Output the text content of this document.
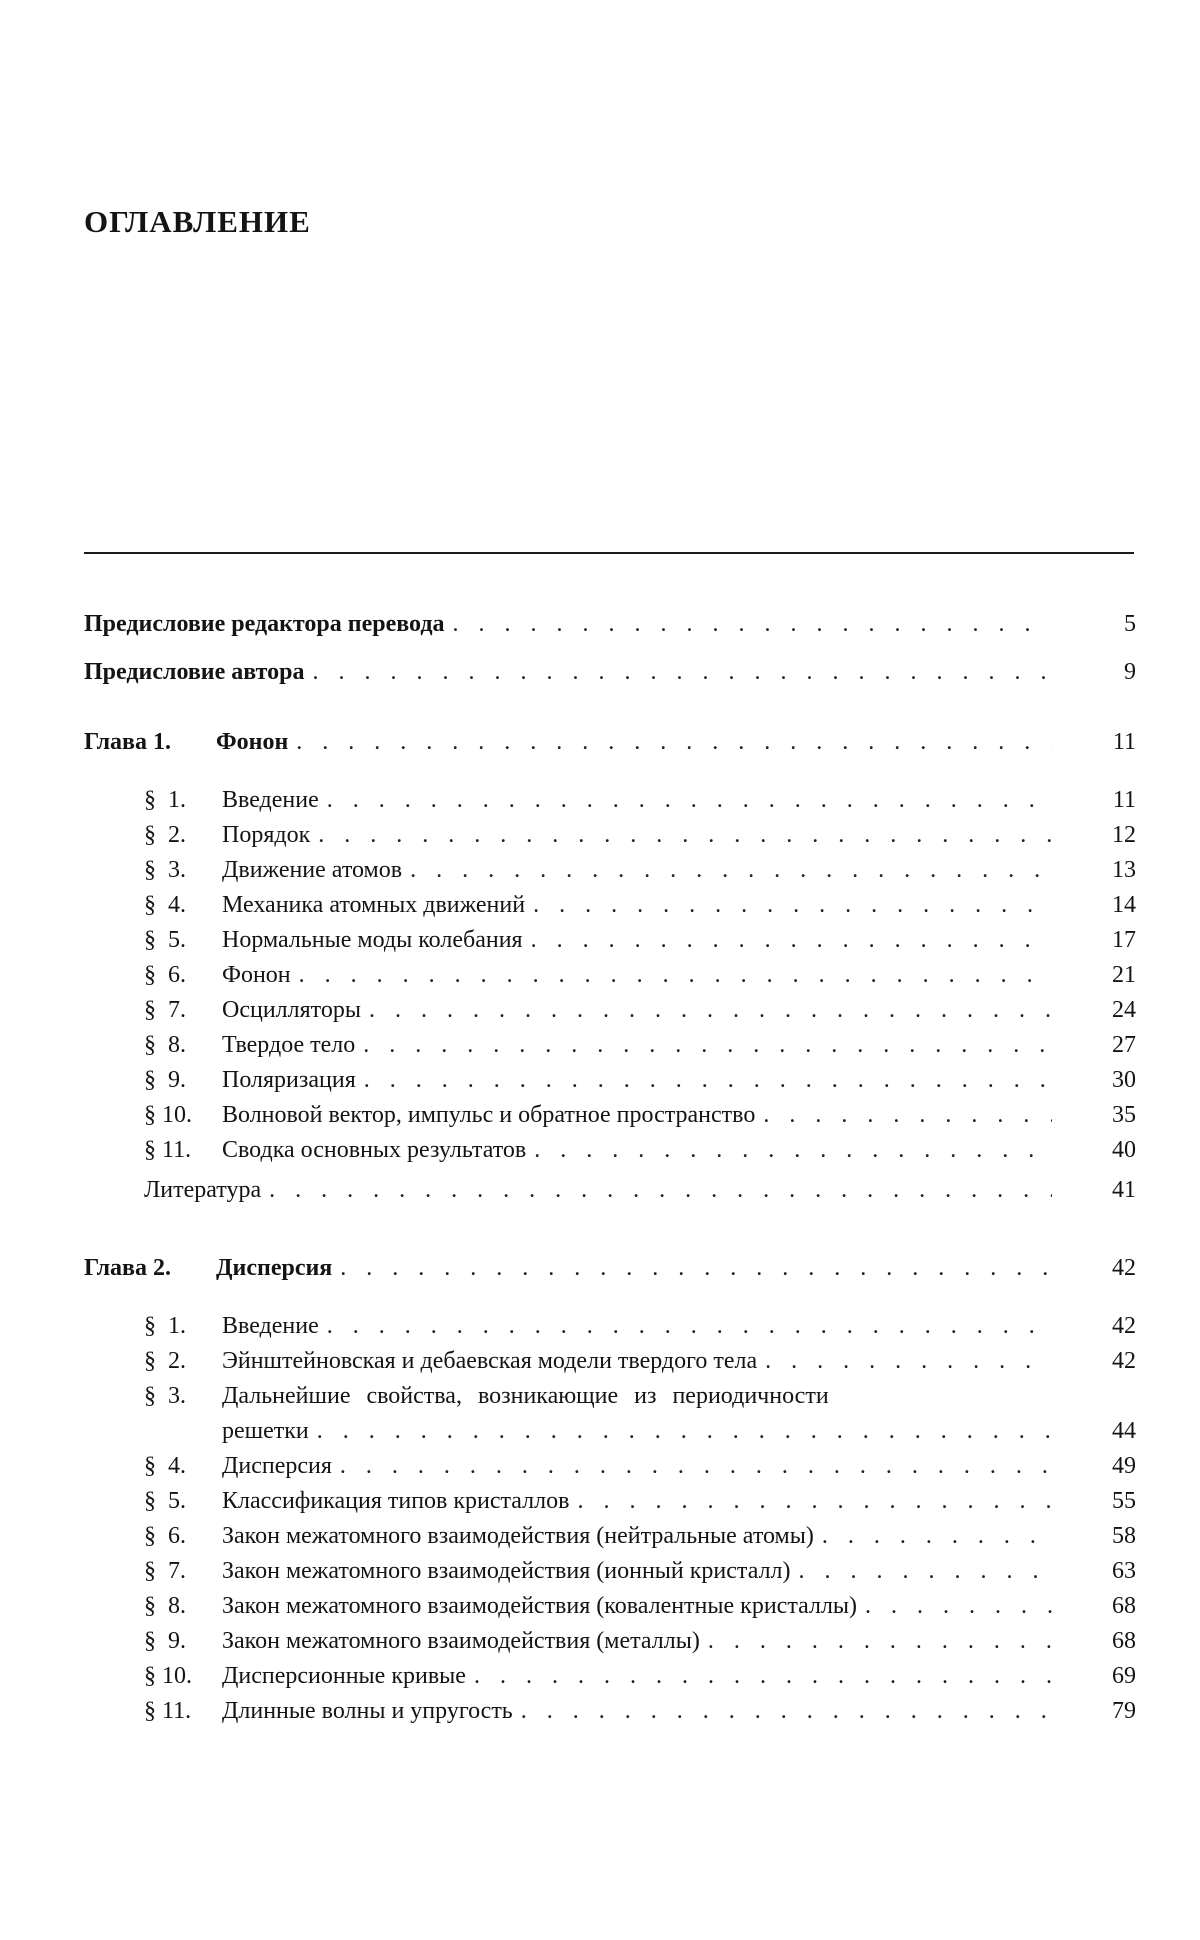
ОГЛАВЛЕНИЕ
Предисловие редактора перевода . . .	5
Предисловие автора . . .	9
Глава 1. Фонон . . .	11
§  1.	Введение . . .	11
§  2.	Порядок . . .	12
§  3.	Движение атомов . . .	13
§  4.	Механика атомных движений . . .	14
§  5.	Нормальные моды колебания . . .	17
§  6.	Фонон . . .	21
§  7.	Осцилляторы . . .	24
§  8.	Твердое тело . . .	27
§  9.	Поляризация . . .	30
§ 10.	Волновой вектор, импульс и обратное пространство . . .	35
§ 11.	Сводка основных результатов . . .	40
Литература . . .	41
Глава 2. Дисперсия . . .	42
§  1.	Введение . . .	42
§  2.	Эйнштейновская и дебаевская модели твердого тела . . .	42
§  3.	Дальнейшие свойства, возникающие из периодичности
решетки . . .	44
§  4.	Дисперсия . . .	49
§  5.	Классификация типов кристаллов . . .	55
§  6.	Закон межатомного взаимодействия (нейтральные атомы) . . .	58
§  7.	Закон межатомного взаимодействия (ионный кристалл) . . .	63
§  8.	Закон межатомного взаимодействия (ковалентные кристаллы) . . .	68
§  9.	Закон межатомного взаимодействия (металлы) . . .	68
§ 10.	Дисперсионные кривые . . .	69
§ 11.	Длинные волны и упругость . . .	79
